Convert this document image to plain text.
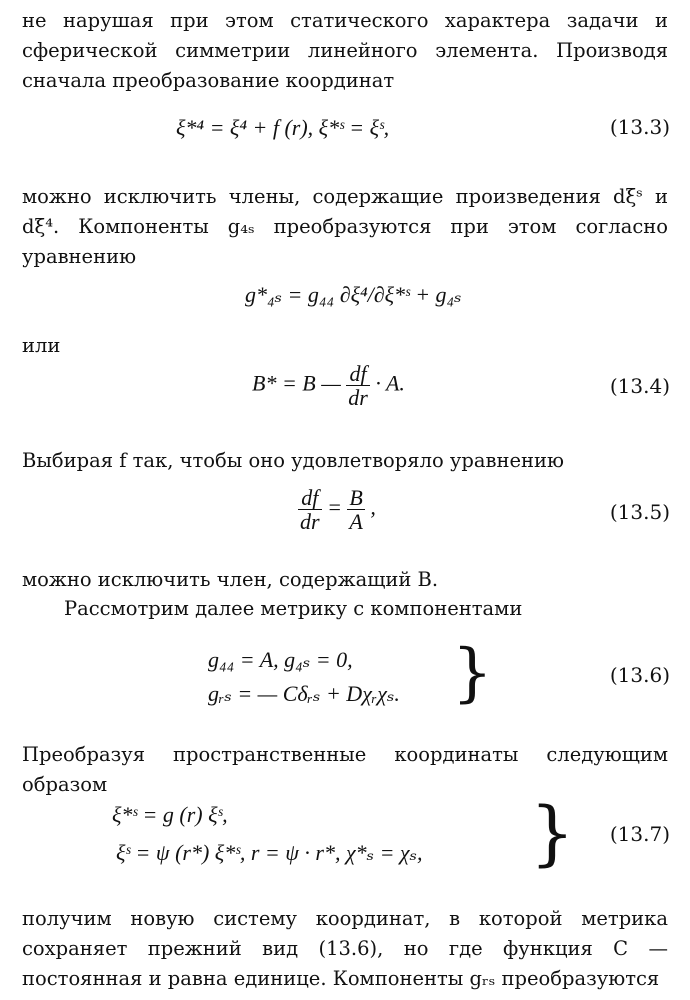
не нарушая при этом статического характера задачи и сферической симметрии линейного элемента. Производя сначала преобразование координат

ξ*⁴ = ξ⁴ + f (r), ξ*ˢ = ξˢ,	(13.3)

можно исключить члены, содержащие произведения dξˢ и dξ⁴. Компоненты g₄ₛ преобразуются при этом согласно уравнению

g*₄ₛ = g₄₄ ∂ξ⁴/∂ξ*ˢ + g₄ₛ

или

B* = B — $\frac{df}{dr} \cdot A$.	(13.4)

Выбирая f так, чтобы оно удовлетворяло уравнению

$\frac{df}{dr} = \frac{B}{A}$ ,	(13.5)

можно исключить член, содержащий B.

Рассмотрим далее метрику с компонентами

g₄₄ = A, g₄ₛ = 0,
gᵣₛ = — Cδᵣₛ + Dχᵣχₛ. }	(13.6)

Преобразуя пространственные координаты следующим образом

ξ*ˢ = g (r) ξˢ,
ξˢ = ψ (r*) ξ*ˢ, r = ψ · r*, χ*ₛ = χₛ, } (13.7)

получим новую систему координат, в которой метрика сохраняет прежний вид (13.6), но где функция C — постоянная и равна единице. Компоненты gᵣₛ преобразуются
